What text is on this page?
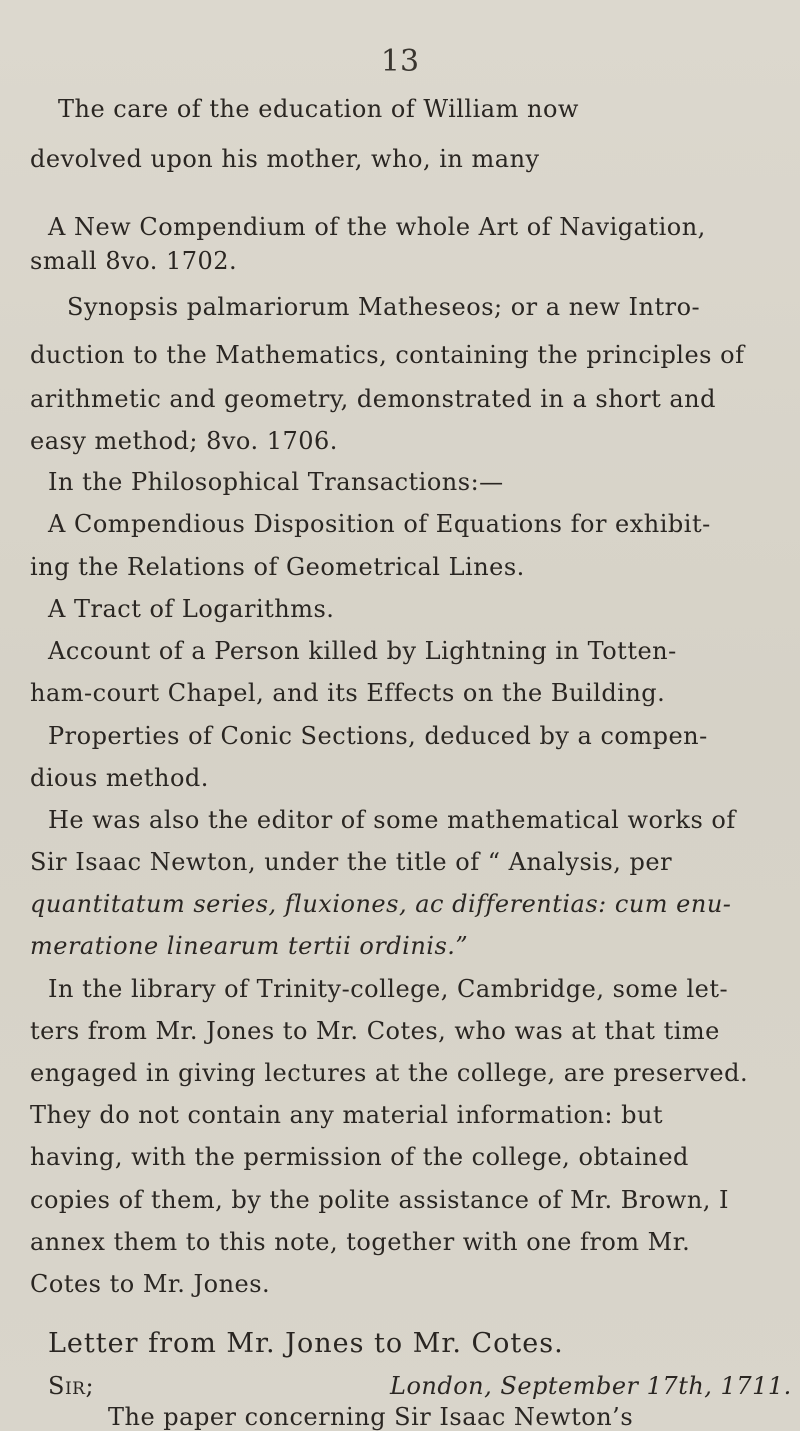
13
The care of the education of William now
devolved upon his mother, who, in many
A New Compendium of the whole Art of Navigation,
small 8vo. 1702.
Synopsis palmariorum Matheseos; or a new Intro-
duction to the Mathematics, containing the principles of
arithmetic and geometry, demonstrated in a short and
easy method; 8vo. 1706.
In the Philosophical Transactions:—
A Compendious Disposition of Equations for exhibit-
ing the Relations of Geometrical Lines.
A Tract of Logarithms.
Account of a Person killed by Lightning in Totten-
ham-court Chapel, and its Effects on the Building.
Properties of Conic Sections, deduced by a compen-
dious method.
He was also the editor of some mathematical works of
Sir Isaac Newton, under the title of “ Analysis, per
quantitatum series, fluxiones, ac differentias: cum enu-
meratione linearum tertii ordinis.”
In the library of Trinity-college, Cambridge, some let-
ters from Mr. Jones to Mr. Cotes, who was at that time
engaged in giving lectures at the college, are preserved.
They do not contain any material information: but
having, with the permission of the college, obtained
copies of them, by the polite assistance of Mr. Brown, I
annex them to this note, together with one from Mr.
Cotes to Mr. Jones.
Letter from Mr. Jones to Mr. Cotes.
Sir;	London, September 17th, 1711.
The paper concerning Sir Isaac Newton’s
